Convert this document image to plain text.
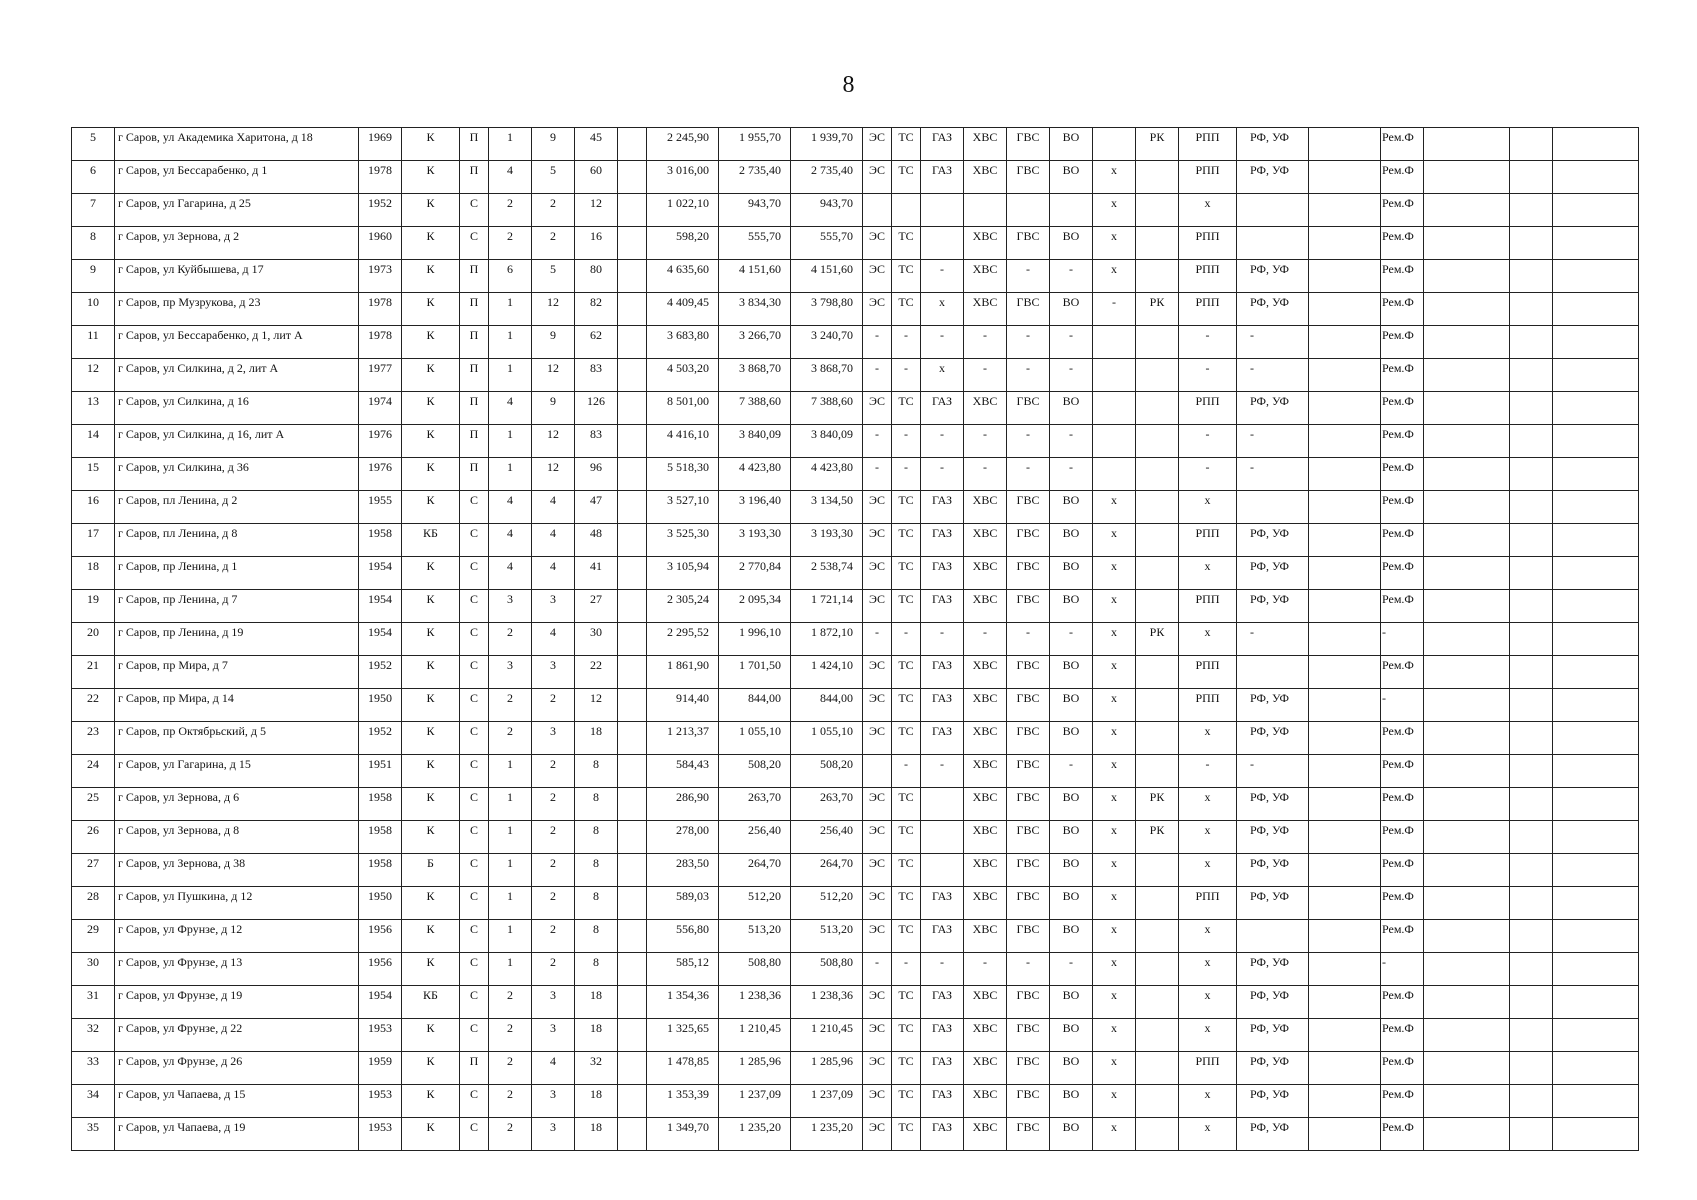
8
5	г Саров, ул Академика Харитона, д 18	1969	К	П	1	9	45		2 245,90	1 955,70	1 939,70	ЭС	ТС	ГАЗ	ХВС	ГВС	ВО		РК	РПП	РФ, УФ		Рем.Ф			
6	г Саров, ул Бессарабенко, д 1	1978	К	П	4	5	60		3 016,00	2 735,40	2 735,40	ЭС	ТС	ГАЗ	ХВС	ГВС	ВО	х		РПП	РФ, УФ		Рем.Ф			
7	г Саров, ул Гагарина, д 25	1952	К	С	2	2	12		1 022,10	943,70	943,70							х		х			Рем.Ф			
8	г Саров, ул Зернова, д 2	1960	К	С	2	2	16		598,20	555,70	555,70	ЭС	ТС		ХВС	ГВС	ВО	х		РПП			Рем.Ф			
9	г Саров, ул Куйбышева, д 17	1973	К	П	6	5	80		4 635,60	4 151,60	4 151,60	ЭС	ТС	-	ХВС	-	-	х		РПП	РФ, УФ		Рем.Ф			
10	г Саров, пр Музрукова, д 23	1978	К	П	1	12	82		4 409,45	3 834,30	3 798,80	ЭС	ТС	х	ХВС	ГВС	ВО	-	РК	РПП	РФ, УФ		Рем.Ф			
11	г Саров, ул Бессарабенко, д 1, лит А	1978	К	П	1	9	62		3 683,80	3 266,70	3 240,70	-	-	-	-	-	-			-	-		Рем.Ф			
12	г Саров, ул Силкина, д 2, лит А	1977	К	П	1	12	83		4 503,20	3 868,70	3 868,70	-	-	х	-	-	-			-	-		Рем.Ф			
13	г Саров, ул Силкина, д 16	1974	К	П	4	9	126		8 501,00	7 388,60	7 388,60	ЭС	ТС	ГАЗ	ХВС	ГВС	ВО			РПП	РФ, УФ		Рем.Ф			
14	г Саров, ул Силкина, д 16, лит А	1976	К	П	1	12	83		4 416,10	3 840,09	3 840,09	-	-	-	-	-	-			-	-		Рем.Ф			
15	г Саров, ул Силкина, д 36	1976	К	П	1	12	96		5 518,30	4 423,80	4 423,80	-	-	-	-	-	-			-	-		Рем.Ф			
16	г Саров, пл Ленина, д 2	1955	К	С	4	4	47		3 527,10	3 196,40	3 134,50	ЭС	ТС	ГАЗ	ХВС	ГВС	ВО	х		х			Рем.Ф			
17	г Саров, пл Ленина, д 8	1958	КБ	С	4	4	48		3 525,30	3 193,30	3 193,30	ЭС	ТС	ГАЗ	ХВС	ГВС	ВО	х		РПП	РФ, УФ		Рем.Ф			
18	г Саров, пр Ленина, д 1	1954	К	С	4	4	41		3 105,94	2 770,84	2 538,74	ЭС	ТС	ГАЗ	ХВС	ГВС	ВО	х		х	РФ, УФ		Рем.Ф			
19	г Саров, пр Ленина, д 7	1954	К	С	3	3	27		2 305,24	2 095,34	1 721,14	ЭС	ТС	ГАЗ	ХВС	ГВС	ВО	х		РПП	РФ, УФ		Рем.Ф			
20	г Саров, пр Ленина, д 19	1954	К	С	2	4	30		2 295,52	1 996,10	1 872,10	-	-	-	-	-	-	х	РК	х	-		-			
21	г Саров, пр Мира, д 7	1952	К	С	3	3	22		1 861,90	1 701,50	1 424,10	ЭС	ТС	ГАЗ	ХВС	ГВС	ВО	х		РПП			Рем.Ф			
22	г Саров, пр Мира, д 14	1950	К	С	2	2	12		914,40	844,00	844,00	ЭС	ТС	ГАЗ	ХВС	ГВС	ВО	х		РПП	РФ, УФ		-			
23	г Саров, пр Октябрьский, д 5	1952	К	С	2	3	18		1 213,37	1 055,10	1 055,10	ЭС	ТС	ГАЗ	ХВС	ГВС	ВО	х		х	РФ, УФ		Рем.Ф			
24	г Саров, ул Гагарина, д 15	1951	К	С	1	2	8		584,43	508,20	508,20		-	-	ХВС	ГВС	-	х		-	-		Рем.Ф			
25	г Саров, ул Зернова, д 6	1958	К	С	1	2	8		286,90	263,70	263,70	ЭС	ТС		ХВС	ГВС	ВО	х	РК	х	РФ, УФ		Рем.Ф			
26	г Саров, ул Зернова, д 8	1958	К	С	1	2	8		278,00	256,40	256,40	ЭС	ТС		ХВС	ГВС	ВО	х	РК	х	РФ, УФ		Рем.Ф			
27	г Саров, ул Зернова, д 38	1958	Б	С	1	2	8		283,50	264,70	264,70	ЭС	ТС		ХВС	ГВС	ВО	х		х	РФ, УФ		Рем.Ф			
28	г Саров, ул Пушкина, д 12	1950	К	С	1	2	8		589,03	512,20	512,20	ЭС	ТС	ГАЗ	ХВС	ГВС	ВО	х		РПП	РФ, УФ		Рем.Ф			
29	г Саров, ул Фрунзе, д 12	1956	К	С	1	2	8		556,80	513,20	513,20	ЭС	ТС	ГАЗ	ХВС	ГВС	ВО	х		х			Рем.Ф			
30	г Саров, ул Фрунзе, д 13	1956	К	С	1	2	8		585,12	508,80	508,80	-	-	-	-	-	-	х		х	РФ, УФ		-			
31	г Саров, ул Фрунзе, д 19	1954	КБ	С	2	3	18		1 354,36	1 238,36	1 238,36	ЭС	ТС	ГАЗ	ХВС	ГВС	ВО	х		х	РФ, УФ		Рем.Ф			
32	г Саров, ул Фрунзе, д 22	1953	К	С	2	3	18		1 325,65	1 210,45	1 210,45	ЭС	ТС	ГАЗ	ХВС	ГВС	ВО	х		х	РФ, УФ		Рем.Ф			
33	г Саров, ул Фрунзе, д 26	1959	К	П	2	4	32		1 478,85	1 285,96	1 285,96	ЭС	ТС	ГАЗ	ХВС	ГВС	ВО	х		РПП	РФ, УФ		Рем.Ф			
34	г Саров, ул Чапаева, д 15	1953	К	С	2	3	18		1 353,39	1 237,09	1 237,09	ЭС	ТС	ГАЗ	ХВС	ГВС	ВО	х		х	РФ, УФ		Рем.Ф			
35	г Саров, ул Чапаева, д 19	1953	К	С	2	3	18		1 349,70	1 235,20	1 235,20	ЭС	ТС	ГАЗ	ХВС	ГВС	ВО	х		х	РФ, УФ		Рем.Ф			
